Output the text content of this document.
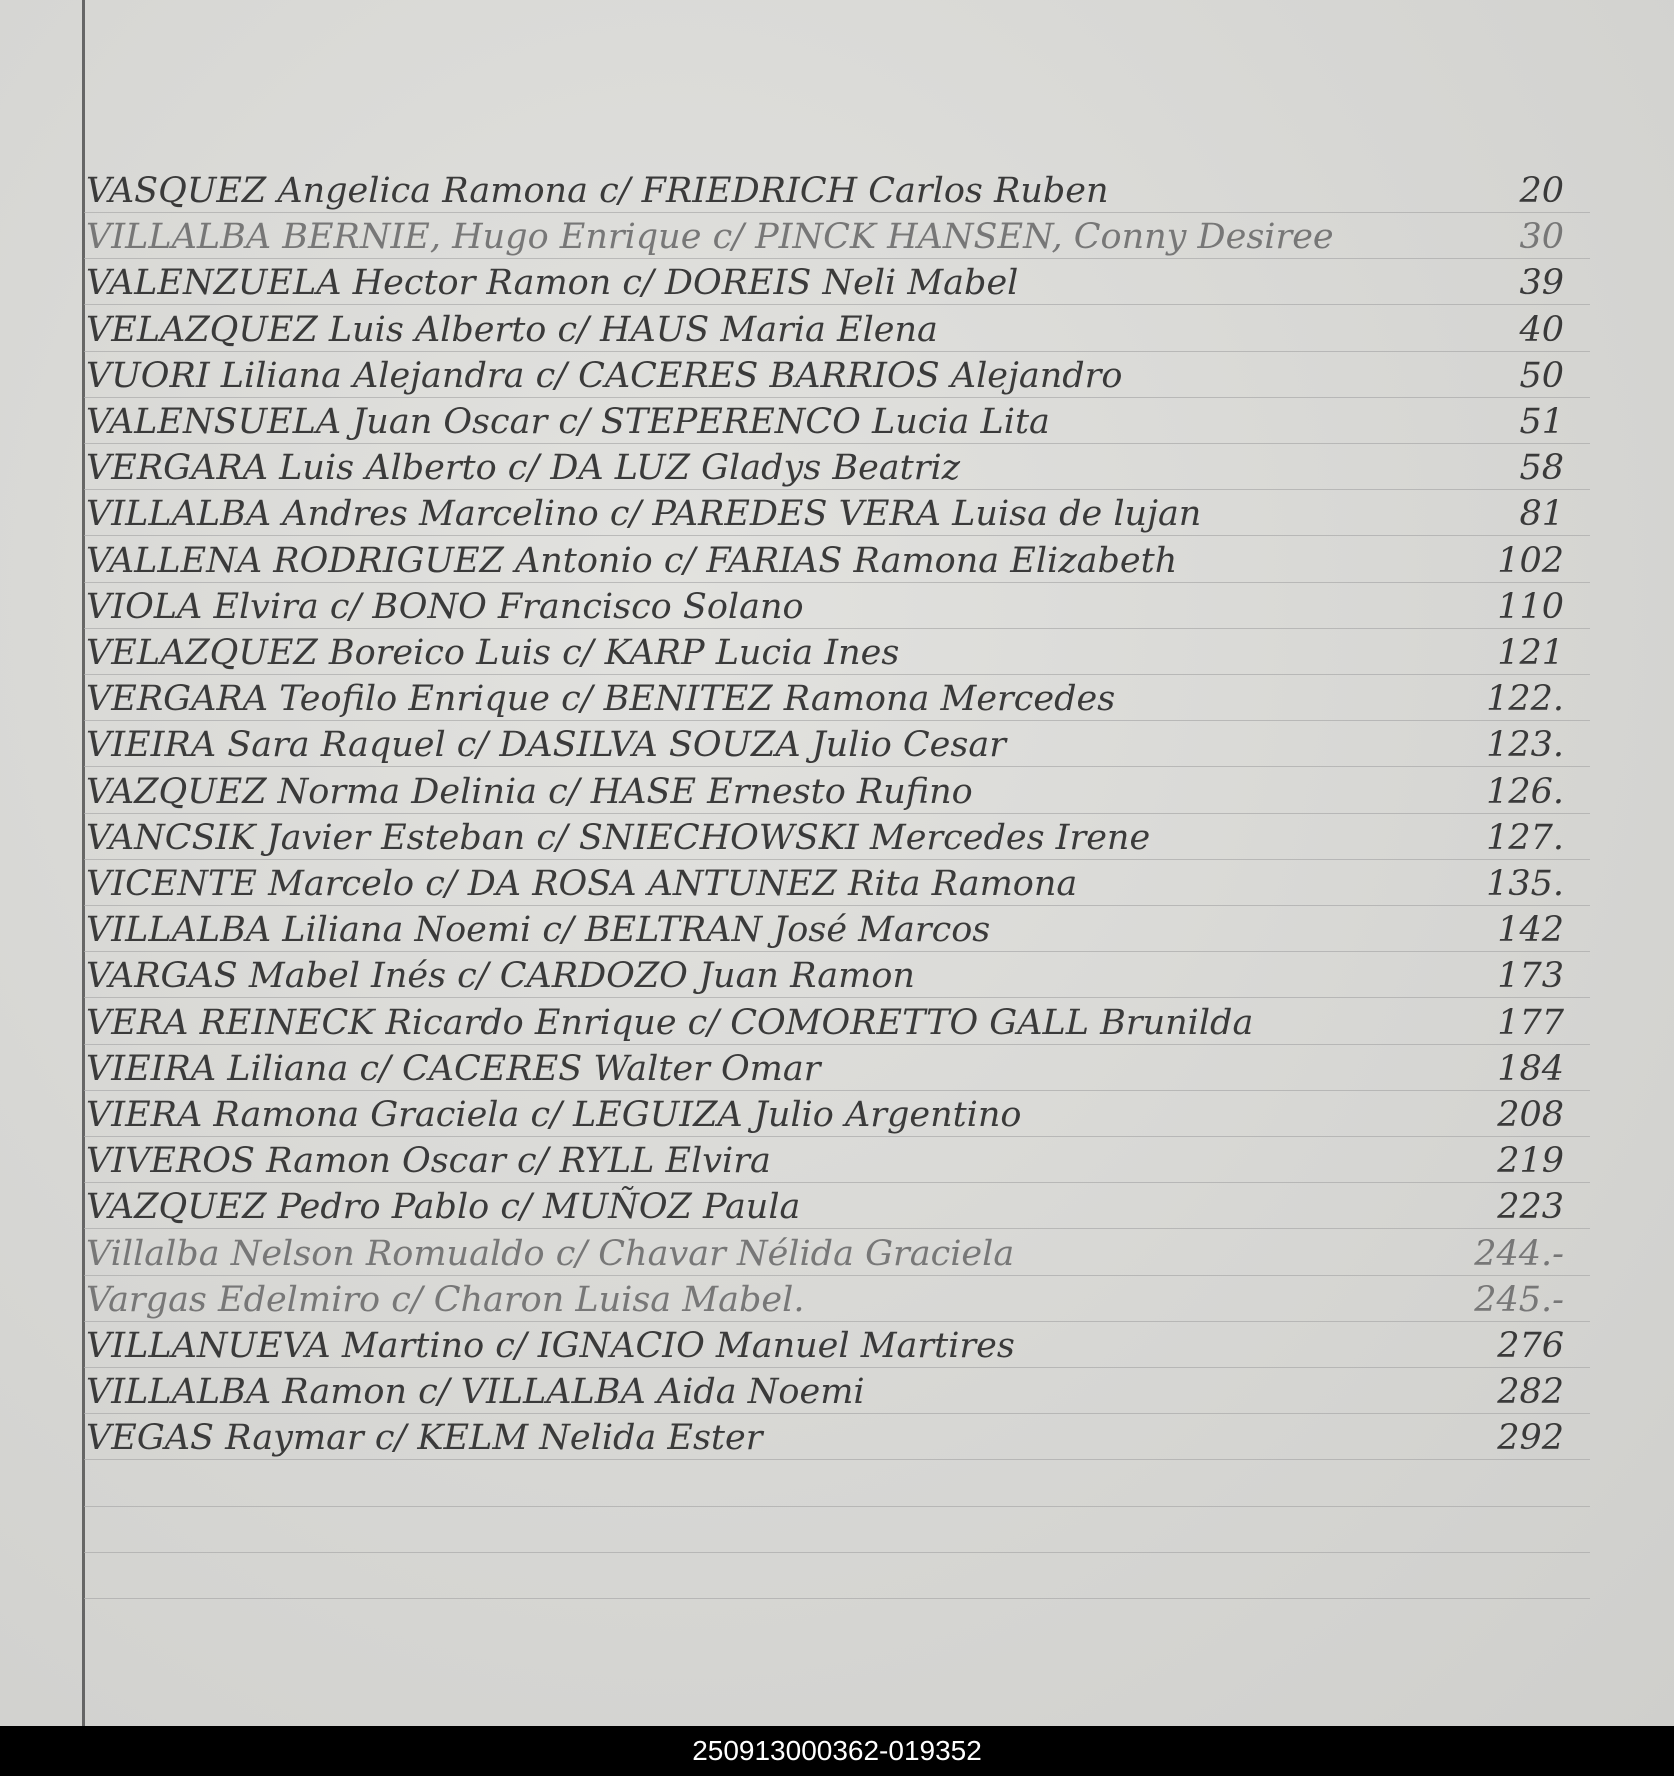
VASQUEZ Angelica Ramona c/ FRIEDRICH Carlos Ruben	20
VILLALBA BERNIE, Hugo Enrique c/ PINCK HANSEN, Conny Desiree	30
VALENZUELA Hector Ramon c/ DOREIS Neli Mabel	39
VELAZQUEZ Luis Alberto c/ HAUS Maria Elena	40
VUORI Liliana Alejandra c/ CACERES BARRIOS Alejandro	50
VALENSUELA Juan Oscar c/ STEPERENCO Lucia Lita	51
VERGARA Luis Alberto c/ DA LUZ Gladys Beatriz	58
VILLALBA Andres Marcelino c/ PAREDES VERA Luisa de lujan	81
VALLENA RODRIGUEZ Antonio c/ FARIAS Ramona Elizabeth	102
VIOLA Elvira c/ BONO Francisco Solano	110
VELAZQUEZ Boreico Luis c/ KARP Lucia Ines	121
VERGARA Teofilo Enrique c/ BENITEZ Ramona Mercedes	122.
VIEIRA Sara Raquel c/ DASILVA SOUZA Julio Cesar	123.
VAZQUEZ Norma Delinia c/ HASE Ernesto Rufino	126.
VANCSIK Javier Esteban c/ SNIECHOWSKI Mercedes Irene	127.
VICENTE Marcelo c/ DA ROSA ANTUNEZ Rita Ramona	135.
VILLALBA Liliana Noemi c/ BELTRAN José Marcos	142
VARGAS Mabel Inés c/ CARDOZO Juan Ramon	173
VERA REINECK Ricardo Enrique c/ COMORETTO GALL Brunilda	177
VIEIRA Liliana c/ CACERES Walter Omar	184
VIERA Ramona Graciela c/ LEGUIZA Julio Argentino	208
VIVEROS Ramon Oscar c/ RYLL Elvira	219
VAZQUEZ Pedro Pablo c/ MUÑOZ Paula	223
Villalba Nelson Romualdo c/ Chavar Nélida Graciela	244.-
Vargas Edelmiro c/ Charon Luisa Mabel.	245.-
VILLANUEVA Martino c/ IGNACIO Manuel Martires	276
VILLALBA Ramon c/ VILLALBA Aida Noemi	282
VEGAS Raymar c/ KELM Nelida Ester	292
250913000362-019352
